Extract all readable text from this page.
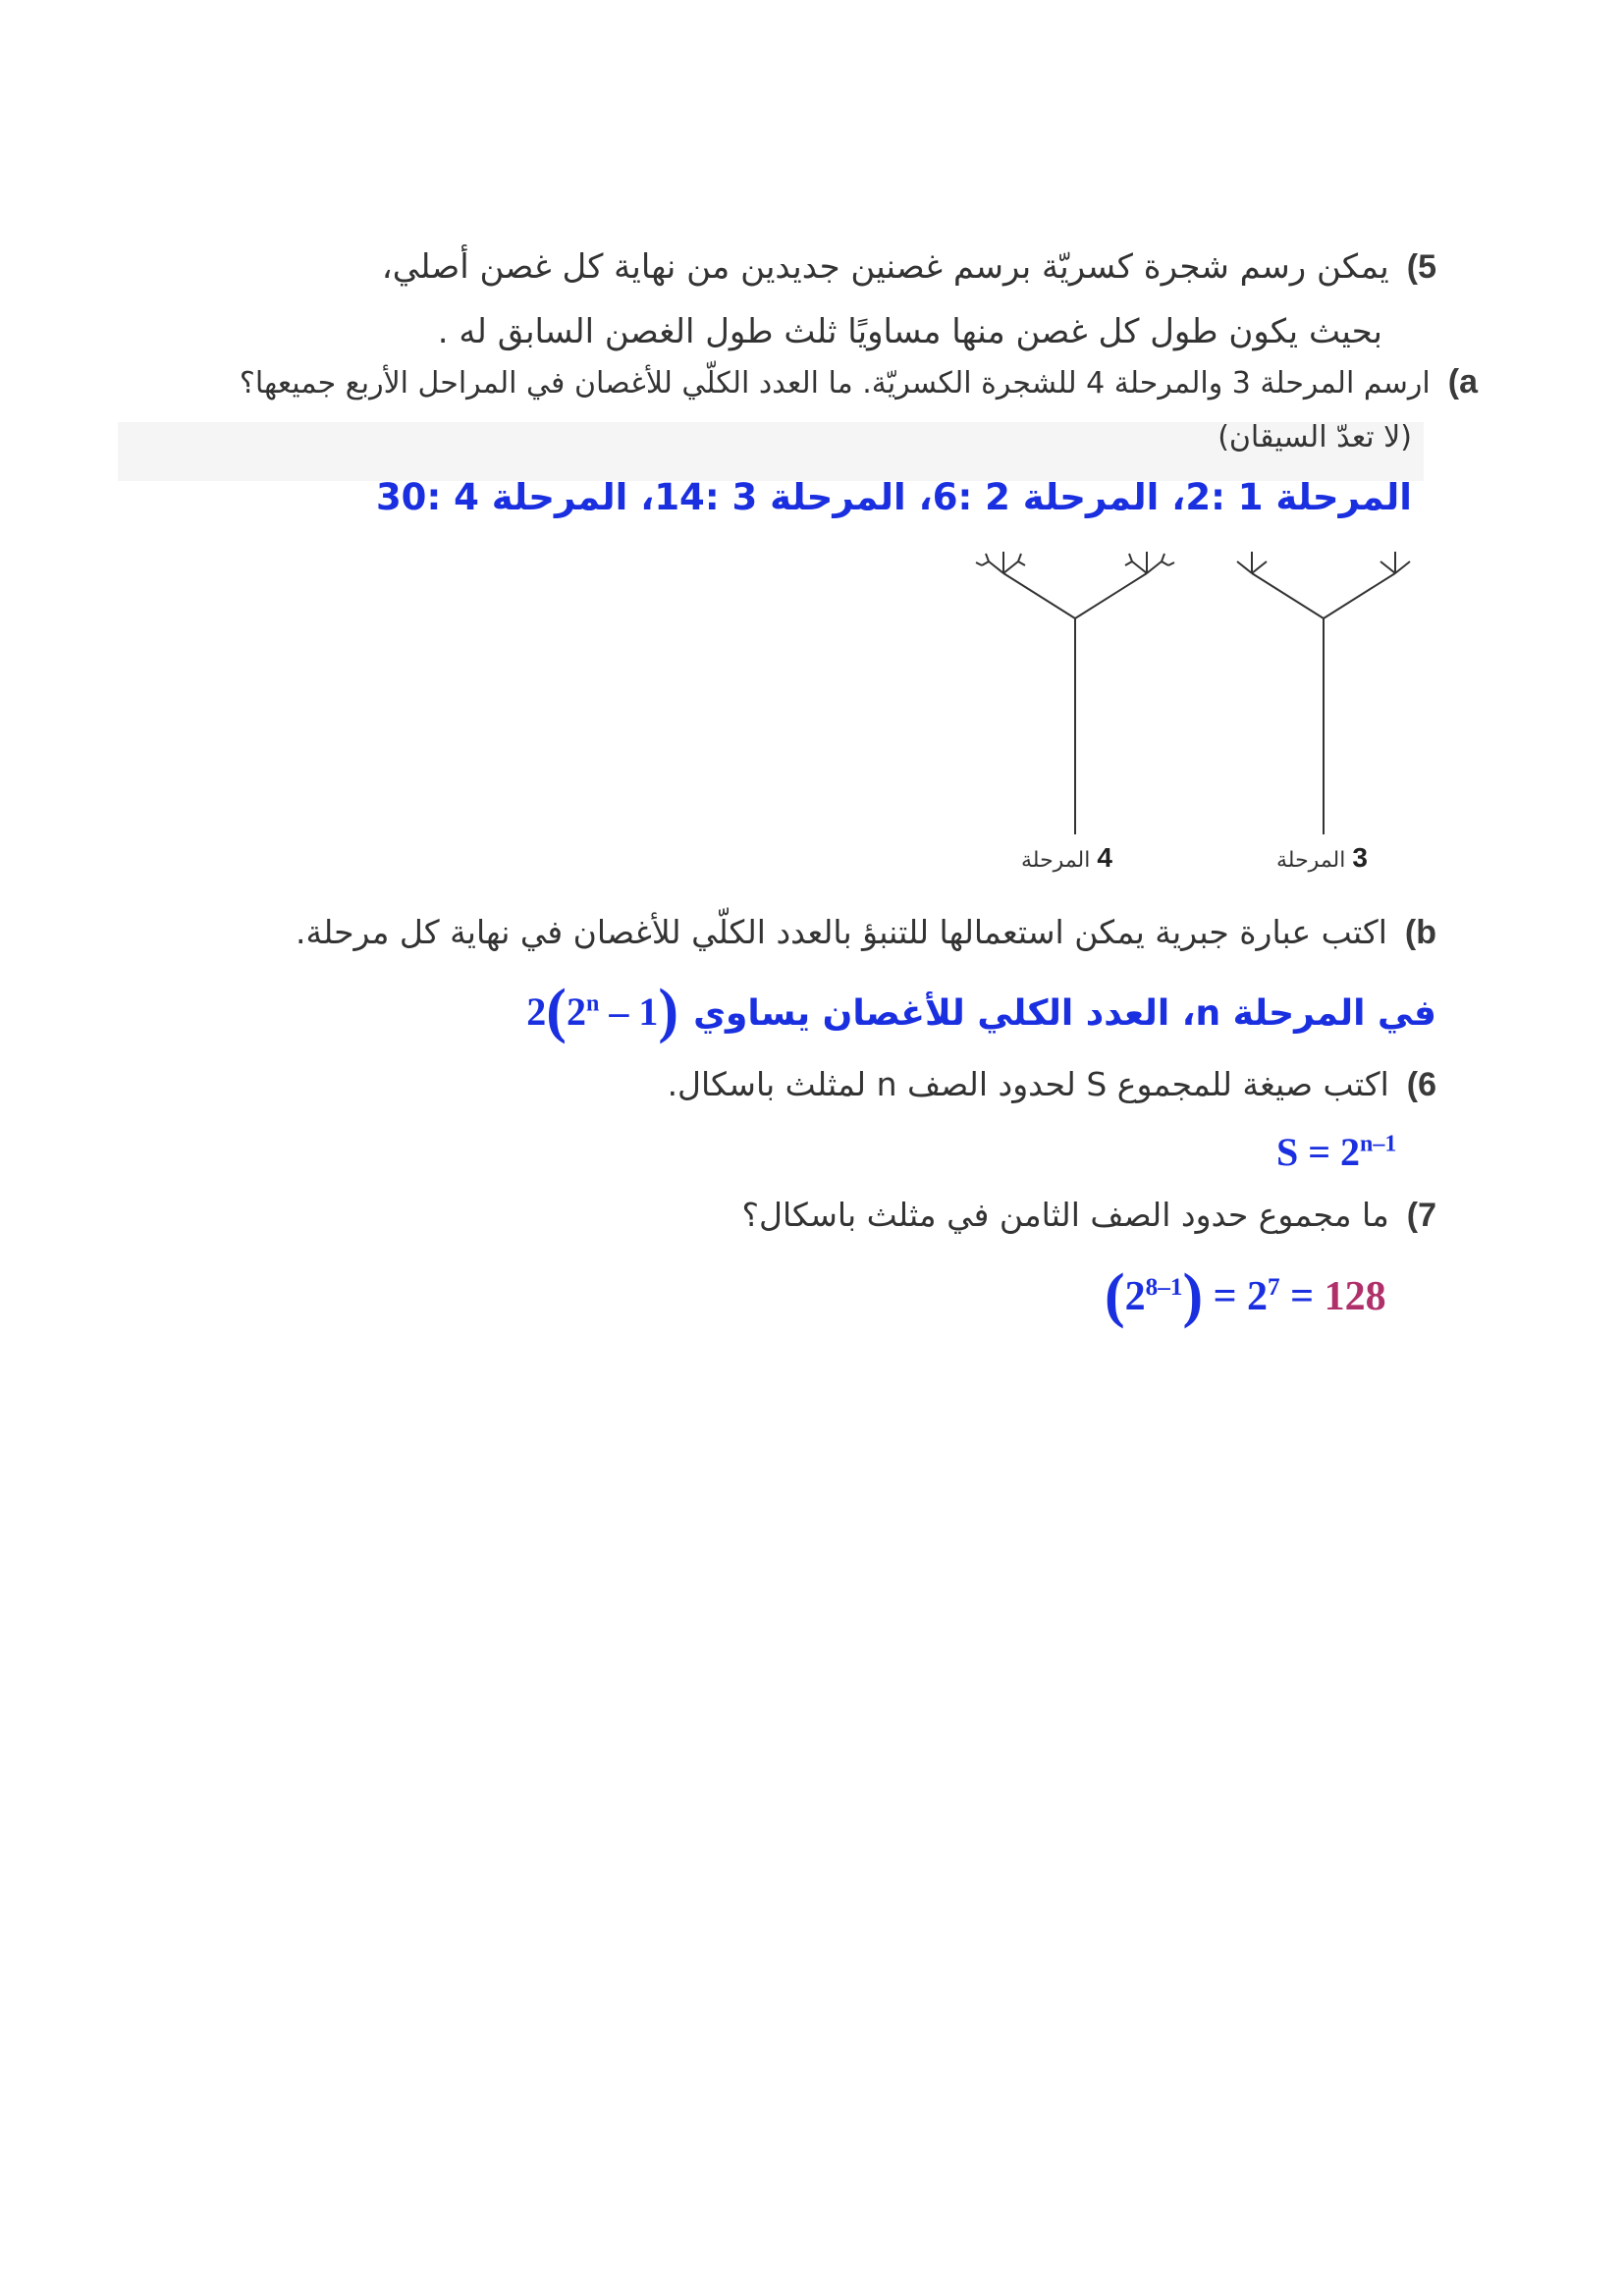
5)يمكن رسم شجرة كسريّة برسم غصنين جديدين من نهاية كل غصن أصلي،
بحيث يكون طول كل غصن منها مساويًا ثلث طول الغصن السابق له .
a)ارسم المرحلة 3 والمرحلة 4 للشجرة الكسريّة. ما العدد الكلّي للأغصان في المراحل الأربع جميعها؟
(لا تعدّ السيقان)
المرحلة 1 :2، المرحلة 2 :6، المرحلة 3 :14، المرحلة 4 :30
4 المرحلة	3 المرحلة
b)اكتب عبارة جبرية يمكن استعمالها للتنبؤ بالعدد الكلّي للأغصان في نهاية كل مرحلة.
في المرحلة n، العدد الكلي للأغصان يساوي 2(2$^n$ – 1)
6)اكتب صيغة للمجموع S لحدود الصف n لمثلث باسكال.
$S = 2^{n-1}$
7)ما مجموع حدود الصف الثامن في مثلث باسكال؟
$(2^{8-1}) = 2^7 = 128$
